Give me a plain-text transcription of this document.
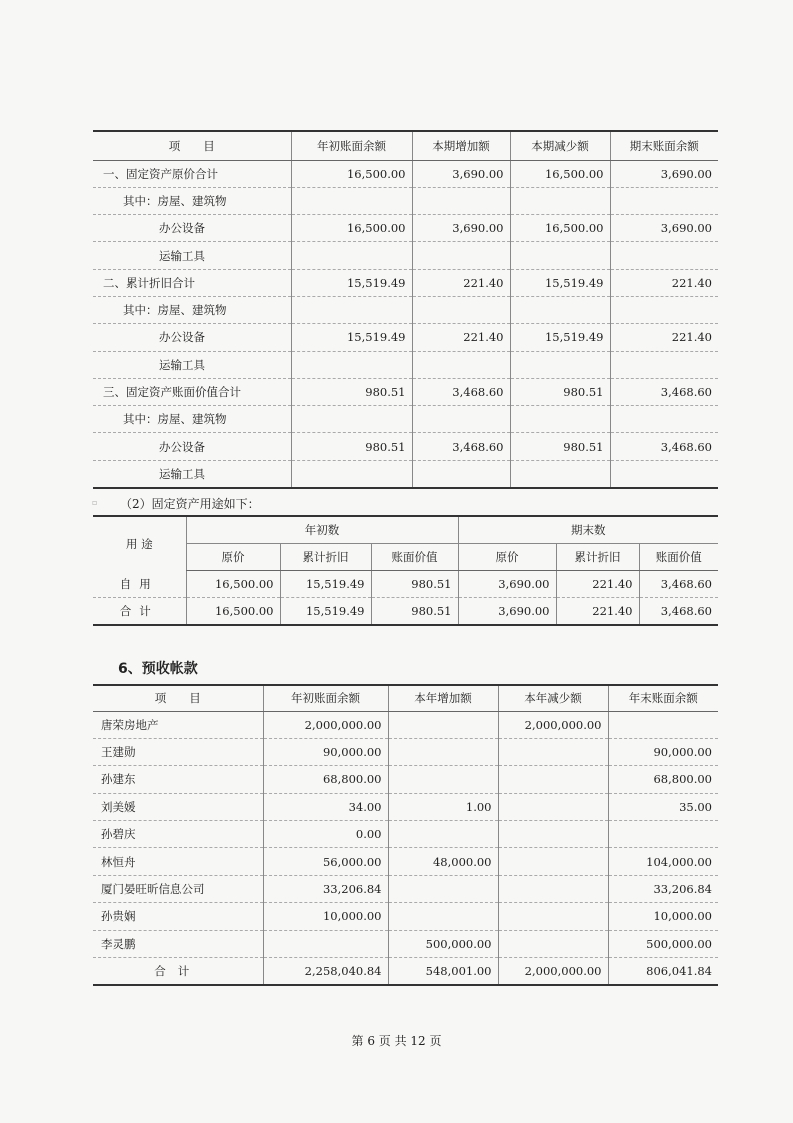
项　　目	年初账面余额	本期增加额	本期减少额	期末账面余额
一、固定资产原价合计	16,500.00	3,690.00	16,500.00	3,690.00
其中：房屋、建筑物				
办公设备	16,500.00	3,690.00	16,500.00	3,690.00
运输工具				
二、累计折旧合计	15,519.49	221.40	15,519.49	221.40
其中：房屋、建筑物				
办公设备	15,519.49	221.40	15,519.49	221.40
运输工具				
三、固定资产账面价值合计	980.51	3,468.60	980.51	3,468.60
其中：房屋、建筑物				
办公设备	980.51	3,468.60	980.51	3,468.60
运输工具				
▫ （2）固定资产用途如下：
用 途	年初数			期末数		
	原价	累计折旧	账面价值	原价	累计折旧	账面价值
自用	16,500.00	15,519.49	980.51	3,690.00	221.40	3,468.60
合计	16,500.00	15,519.49	980.51	3,690.00	221.40	3,468.60
6、预收帐款
项　　目	年初账面余额	本年增加额	本年减少额	年末账面余额
唐荣房地产	2,000,000.00		2,000,000.00	
王建勋	90,000.00			90,000.00
孙建东	68,800.00			68,800.00
刘美媛	34.00	1.00		35.00
孙碧庆	0.00			
林恒舟	56,000.00	48,000.00		104,000.00
厦门晏旺昕信息公司	33,206.84			33,206.84
孙贵娴	10,000.00			10,000.00
李灵鹏		500,000.00		500,000.00
合计	2,258,040.84	548,001.00	2,000,000.00	806,041.84
第 6 页 共 12 页
